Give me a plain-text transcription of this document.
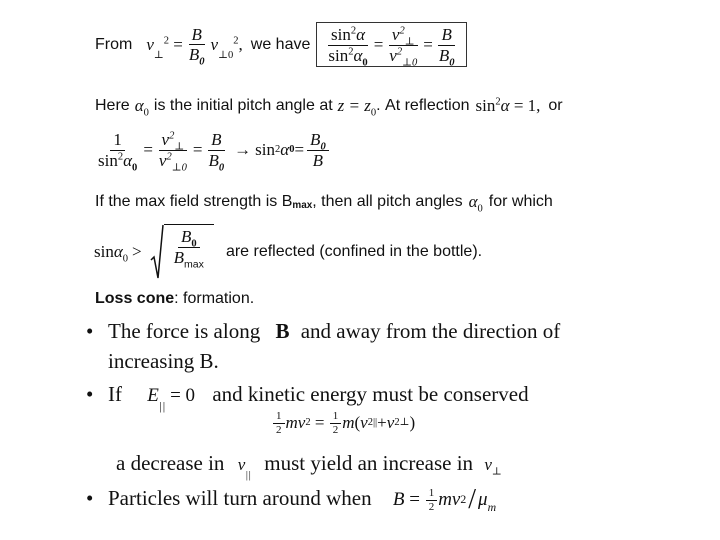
From $v_\perp^2 = \frac{B}{B_0} v_{\perp 0}^2$, we have $\frac{\sin^2\alpha}{\sin^2\alpha_0} = \frac{v^2_\perp}{v^2_{\perp 0}} = \frac{B}{B_0}$
Here $\alpha_0$ is the initial pitch angle at $z = z_0$ . At reflection $\sin^2\alpha = 1$, or
$\frac{1}{\sin^2\alpha_0} = \frac{v^2_\perp}{v^2_{\perp 0}} = \frac{B}{B_0} \to \sin 2$ α $0 = \frac{B_0}{B}$
If the max field strength is $B_{max}$ , then all pitch angles $\alpha_0$ for which
$\sin\alpha_0 > \frac{B_0}{B_{max}}$ are reflected (confined in the bottle).
Loss cone : formation.
• The force is along B and away from the direction of
increasing B.
• If $E_{||} = 0$ and kinetic energy must be conserved
$\frac{1}{2}$ mv $2 = \frac{1}{2}$ m ( v 2 || + v 2 ⊥ )
a decrease in $v_{||}$ must yield an increase in $v_\perp$
• Particles will turn around when $B = \frac{1}{2}$ mv $2 / \mu_m$
